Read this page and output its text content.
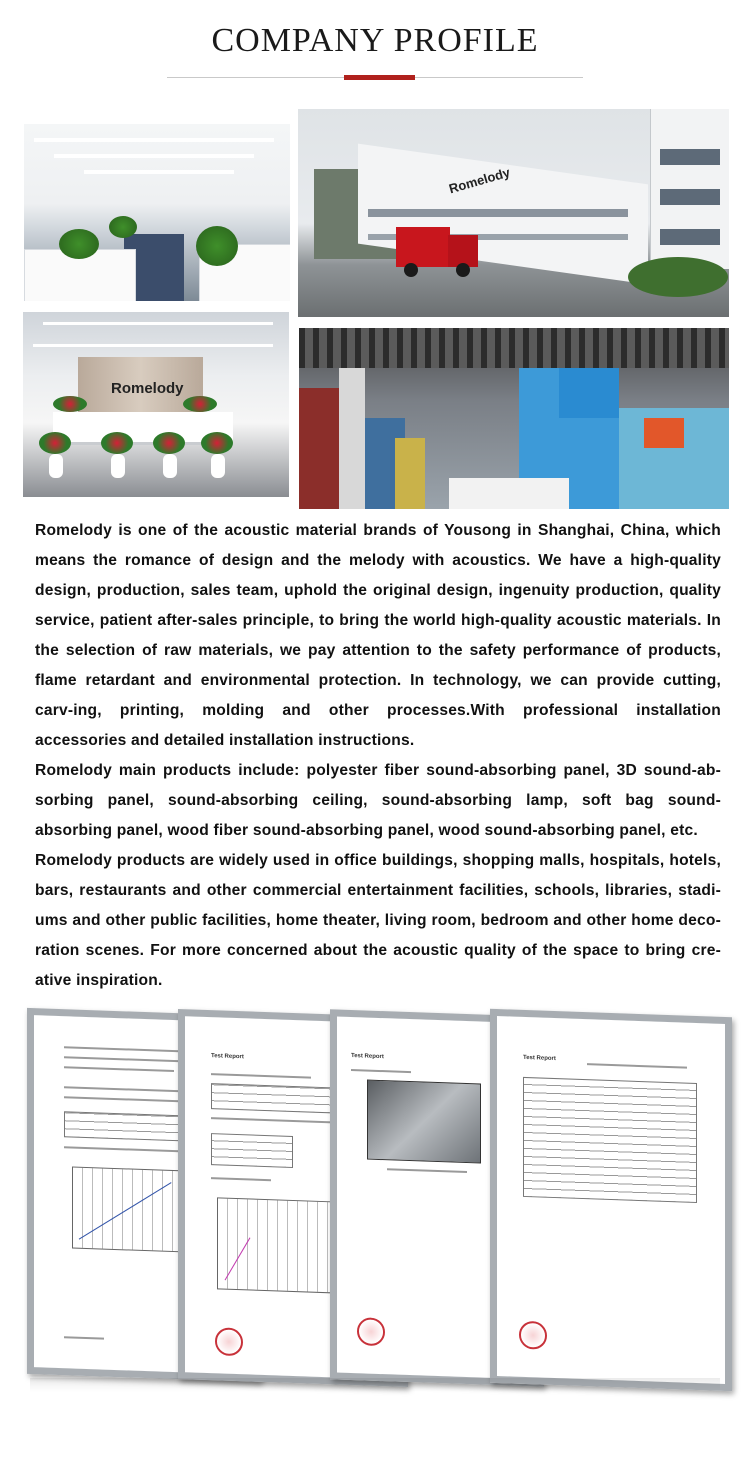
COMPANY PROFILE
Romelody
Romelody

Romelody is one of the acoustic material brands of Yousong in Shanghai, China, which means the romance of design and the melody with acoustics. We have a high-quality design, production, sales team, uphold the original design, ingenuity production, quality service, patient after-sales principle, to bring the world high-quality acoustic materials. In the selection of raw materials, we pay attention to the safety performance of products, flame retardant and environmental protection. In technology, we can provide cutting, carv-ing, printing, molding and other processes.With professional installation accessories and detailed installation instructions.

Romelody main products include: polyester fiber sound-absorbing panel, 3D sound-ab-sorbing panel, sound-absorbing ceiling, sound-absorbing lamp, soft bag sound-absorbing panel, wood fiber sound-absorbing panel, wood sound-absorbing panel, etc.

Romelody products are widely used in office buildings, shopping malls, hospitals, hotels, bars, restaurants and other commercial entertainment facilities, schools, libraries, stadi-ums and other public facilities, home theater, living room, bedroom and other home deco-ration scenes. For more concerned about the acoustic quality of the space to bring cre-ative inspiration.

Test Report	Test Report	Test Report
